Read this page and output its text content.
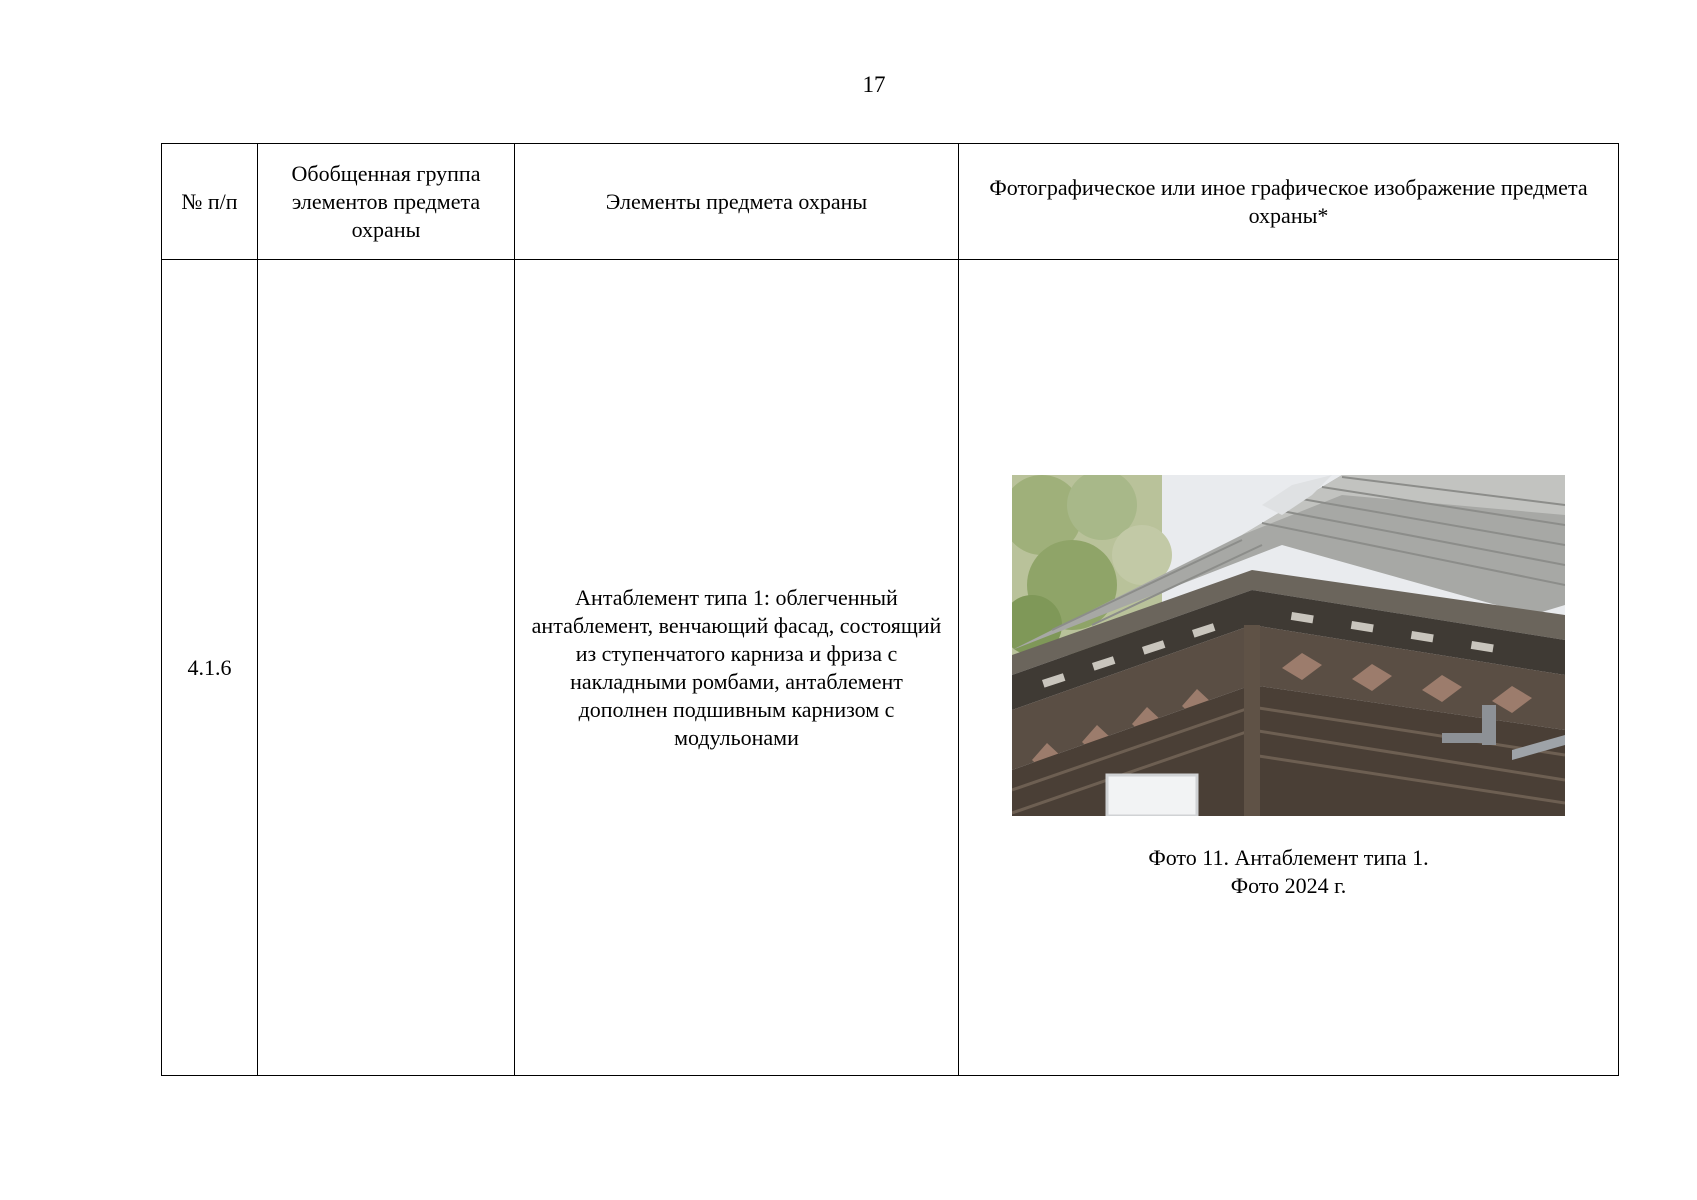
17
№ п/п	Обобщенная группа элементов предмета охраны	Элементы предмета охраны	Фотографическое или иное графическое изображение предмета охраны*
4.1.6		Антаблемент типа 1: облегченный антаблемент, венчающий фасад, состоящий из ступенчатого карниза и фриза с накладными ромбами, антаблемент дополнен подшивным карнизом с модульонами	Фото 11. Антаблемент типа 1.
Фото 2024 г.
